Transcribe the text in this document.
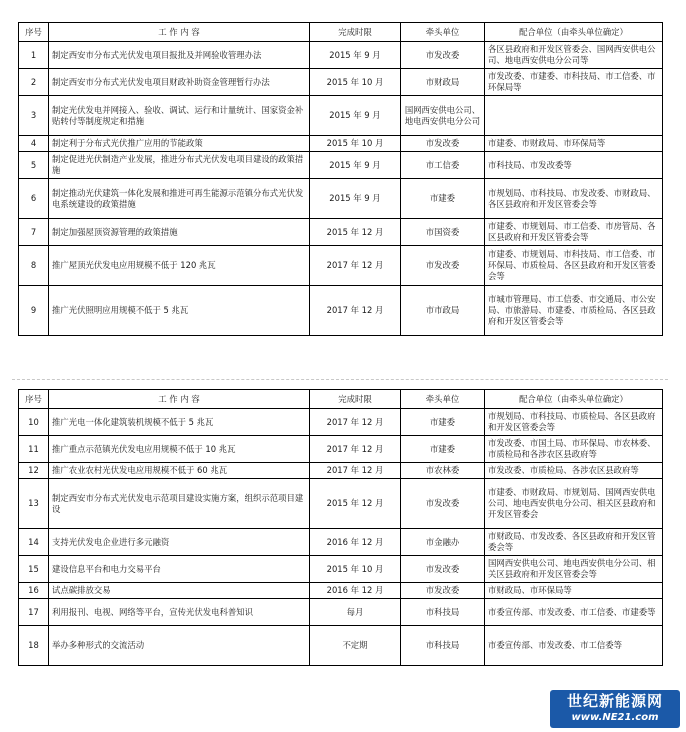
序号	工 作 内 容	完成时限	牵头单位	配合单位（由牵头单位确定）
1	制定西安市分布式光伏发电项目报批及并网验收管理办法	2015 年 9 月	市发改委	各区县政府和开发区管委会、国网西安供电公司、地电西安供电分公司等
2	制定西安市分布式光伏发电项目财政补助资金管理暂行办法	2015 年 10 月	市财政局	市发改委、市建委、市科技局、市工信委、市环保局等
3	制定光伏发电并网接入、验收、调试、运行和计量统计、国家资金补贴转付等制度规定和措施	2015 年 9 月	国网西安供电公司、地电西安供电分公司	
4	制定利于分布式光伏推广应用的节能政策	2015 年 10 月	市发改委	市建委、市财政局、市环保局等
5	制定促进光伏制造产业发展，推进分布式光伏发电项目建设的政策措施	2015 年 9 月	市工信委	市科技局、市发改委等
6	制定推动光伏建筑一体化发展和推进可再生能源示范镇分布式光伏发电系统建设的政策措施	2015 年 9 月	市建委	市规划局、市科技局、市发改委、市财政局、各区县政府和开发区管委会等
7	制定加强屋顶资源管理的政策措施	2015 年 12 月	市国资委	市建委、市规划局、市工信委、市房管局、各区县政府和开发区管委会等
8	推广屋顶光伏发电应用规模不低于 120 兆瓦	2017 年 12 月	市发改委	市建委、市规划局、市科技局、市工信委、市环保局、市质检局、各区县政府和开发区管委会等
9	推广光伏照明应用规模不低于 5 兆瓦	2017 年 12 月	市市政局	市城市管理局、市工信委、市交通局、市公安局、市旅游局、市建委、市质检局、各区县政府和开发区管委会等
序号	工 作 内 容	完成时限	牵头单位	配合单位（由牵头单位确定）
10	推广光电一体化建筑装机规模不低于 5 兆瓦	2017 年 12 月	市建委	市规划局、市科技局、市质检局、各区县政府和开发区管委会等
11	推广重点示范镇光伏发电应用规模不低于 10 兆瓦	2017 年 12 月	市建委	市发改委、市国土局、市环保局、市农林委、市质检局和各涉农区县政府等
12	推广农业农村光伏发电应用规模不低于 60 兆瓦	2017 年 12 月	市农林委	市发改委、市质检局、各涉农区县政府等
13	制定西安市分布式光伏发电示范项目建设实施方案，组织示范项目建设	2015 年 12 月	市发改委	市建委、市财政局、市规划局、国网西安供电公司、地电西安供电分公司、相关区县政府和开发区管委会
14	支持光伏发电企业进行多元融资	2016 年 12 月	市金融办	市财政局、市发改委、各区县政府和开发区管委会等
15	建设信息平台和电力交易平台	2015 年 10 月	市发改委	国网西安供电公司、地电西安供电分公司、相关区县政府和开发区管委会等
16	试点碳排放交易	2016 年 12 月	市发改委	市财政局、市环保局等
17	利用报刊、电视、网络等平台，宣传光伏发电科普知识	每月	市科技局	市委宣传部、市发改委、市工信委、市建委等
18	举办多种形式的交流活动	不定期	市科技局	市委宣传部、市发改委、市工信委等
世纪新能源网
www.NE21.com
